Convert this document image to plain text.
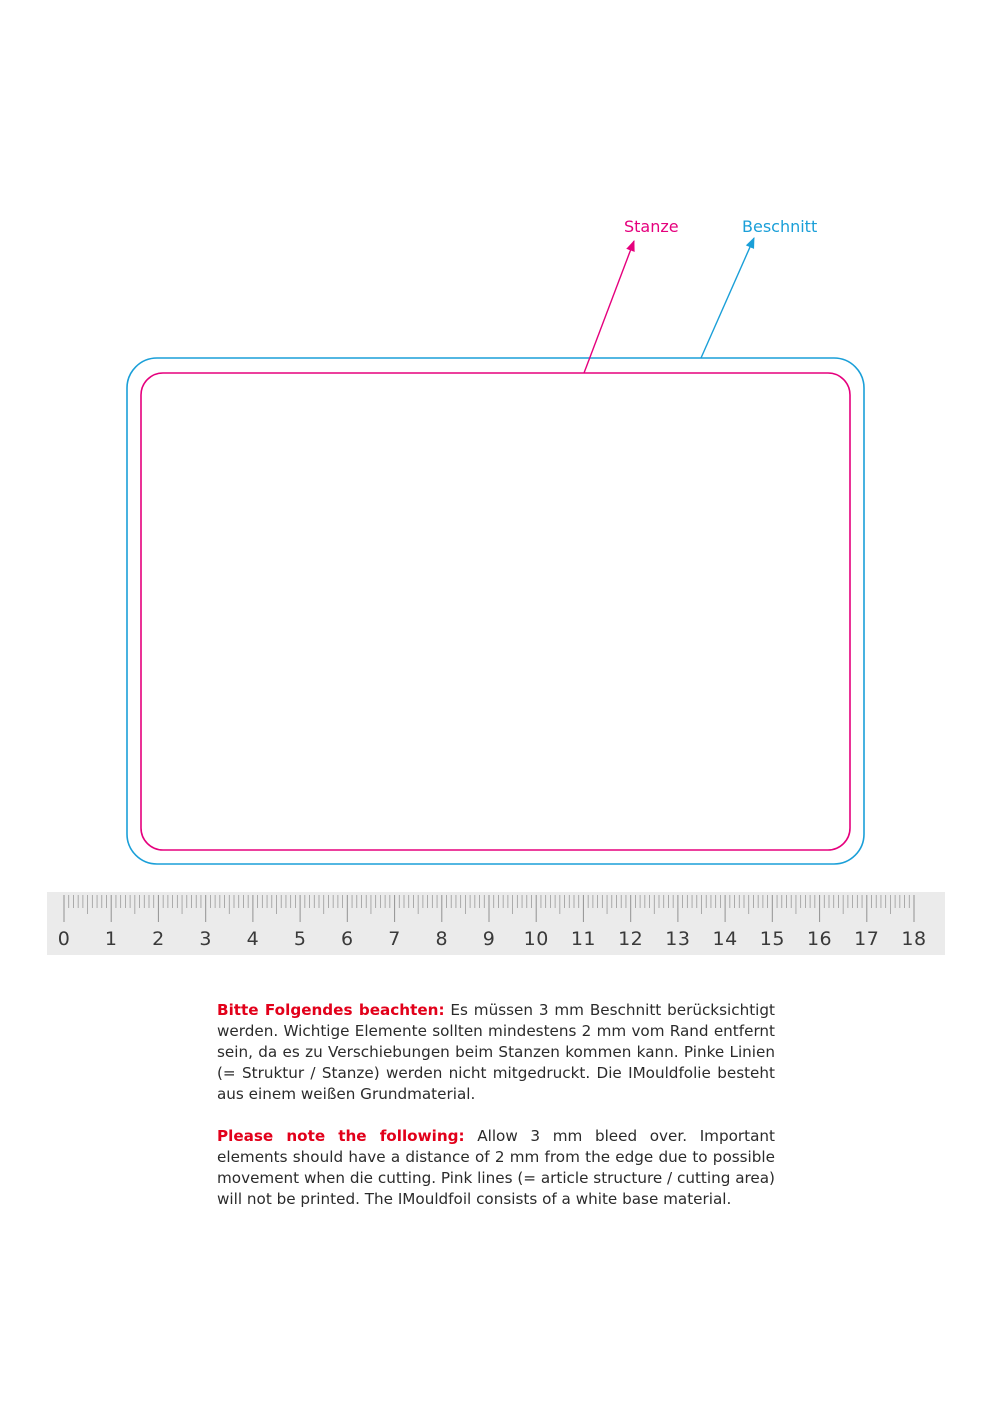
Stanze	Beschnitt
0 1 2 3 4 5 6 7 8 9 10 11 12 13 14 15 16 17 18

Bitte Folgendes beachten: Es müssen 3 mm Beschnitt berücksichtigt werden. Wichtige Elemente sollten mindestens 2 mm vom Rand entfernt sein, da es zu Verschiebungen beim Stanzen kommen kann. Pinke Linien (= Struktur / Stanze) werden nicht mitgedruckt. Die IMouldfolie besteht aus einem weißen Grundmaterial.

Please note the following: Allow 3 mm bleed over. Important elements should have a distance of 2 mm from the edge due to possible movement when die cutting. Pink lines (= article structure / cutting area) will not be printed. The IMouldfoil consists of a white base material.
